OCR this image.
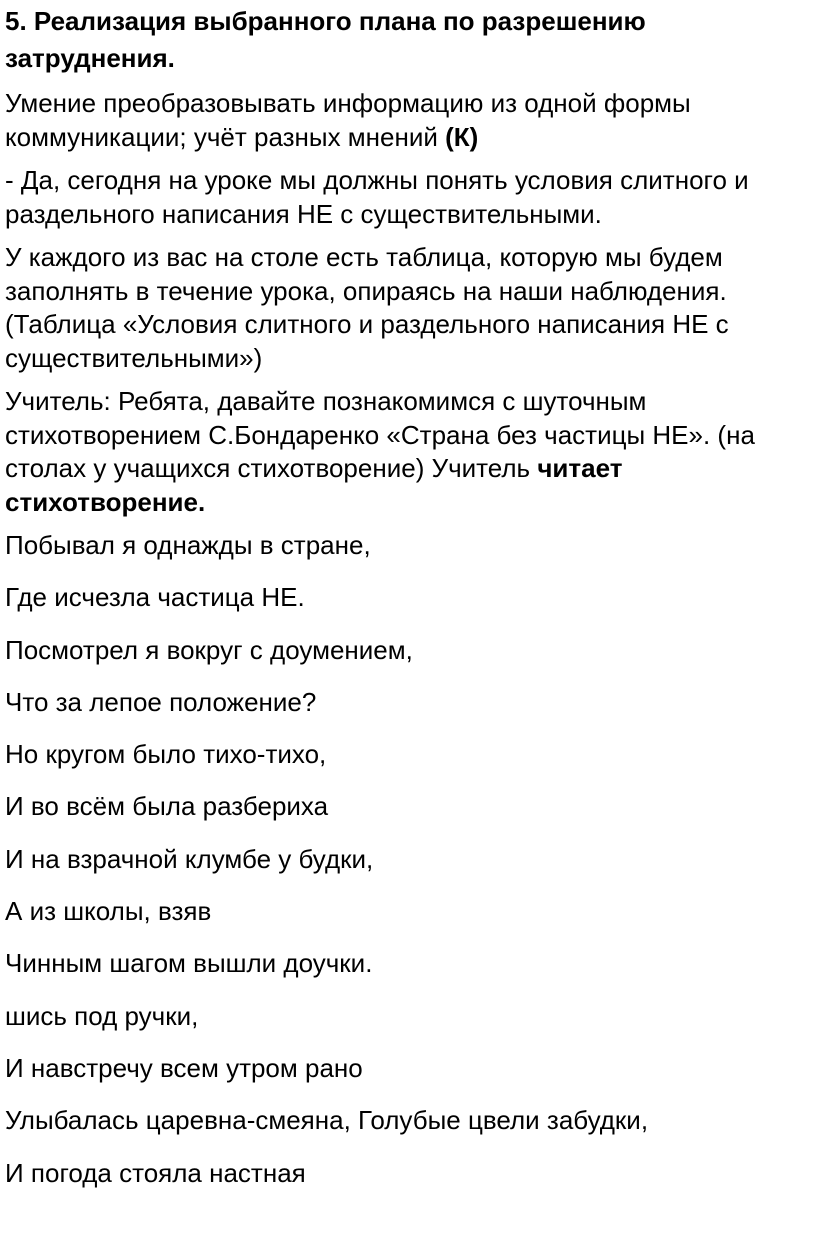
5. Реализация выбранного плана по разрешению затруднения.

Умение преобразовывать информацию из одной формы коммуникации; учёт разных мнений (К)

- Да, сегодня на уроке мы должны понять условия слитного и раздельного написания НЕ с существительными.

У каждого из вас на столе есть таблица, которую мы будем заполнять в течение урока, опираясь на наши наблюдения. (Таблица «Условия слитного и раздельного написания НЕ с существительными»)

Учитель: Ребята, давайте познакомимся с шуточным стихотворением С.Бондаренко «Страна без частицы НЕ». (на столах у учащихся стихотворение) Учитель читает стихотворение.

Побывал я однажды в стране,
Где исчезла частица НЕ.
Посмотрел я вокруг с доумением,
Что за лепое положение?
Но кругом было тихо-тихо,
И во всём была разбериха
И на взрачной клумбе у будки,
А из школы, взяв
Чинным шагом вышли доучки.
шись под ручки,
И навстречу всем утром рано
Улыбалась царевна-смеяна, Голубые цвели забудки,
И погода стояла настная
